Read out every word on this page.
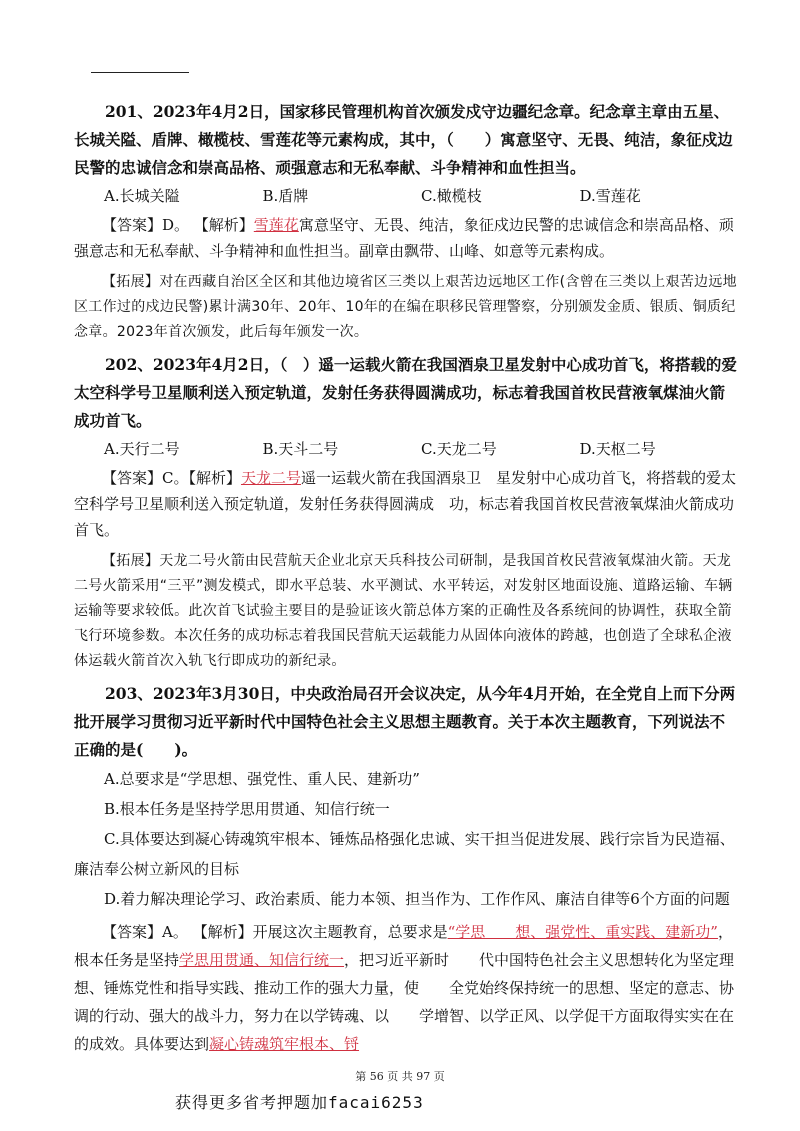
201、2023年4月2日，国家移民管理机构首次颁发戍守边疆纪念章。纪念章主章由五星、长城关隘、盾牌、橄榄枝、雪莲花等元素构成，其中，（　　）寓意坚守、无畏、纯洁，象征戍边民警的忠诚信念和崇高品格、顽强意志和无私奉献、斗争精神和血性担当。

A.长城关隘	B.盾牌	C.橄榄枝	D.雪莲花

【答案】D。 【解析】雪莲花寓意坚守、无畏、纯洁，象征戍边民警的忠诚信念和崇高品格、顽强意志和无私奉献、斗争精神和血性担当。副章由飘带、山峰、如意等元素构成。

【拓展】对在西藏自治区全区和其他边境省区三类以上艰苦边远地区工作(含曾在三类以上艰苦边远地区工作过的戍边民警)累计满30年、20年、10年的在编在职移民管理警察，分别颁发金质、银质、铜质纪念章。2023年首次颁发，此后每年颁发一次。

202、2023年4月2日，（　）遥一运载火箭在我国酒泉卫星发射中心成功首飞，将搭载的爱太空科学号卫星顺利送入预定轨道，发射任务获得圆满成功，标志着我国首枚民营液氧煤油火箭成功首飞。

A.天行二号	B.天斗二号	C.天龙二号	D.天枢二号

【答案】C。【解析】天龙二号遥一运载火箭在我国酒泉卫　星发射中心成功首飞，将搭载的爱太空科学号卫星顺利送入预定轨道，发射任务获得圆满成　功，标志着我国首枚民营液氧煤油火箭成功首飞。

【拓展】天龙二号火箭由民营航天企业北京天兵科技公司研制，是我国首枚民营液氧煤油火箭。天龙二号火箭采用“三平”测发模式，即水平总装、水平测试、水平转运，对发射区地面设施、道路运输、车辆运输等要求较低。此次首飞试验主要目的是验证该火箭总体方案的正确性及各系统间的协调性，获取全箭飞行环境参数。本次任务的成功标志着我国民营航天运载能力从固体向液体的跨越，也创造了全球私企液体运载火箭首次入轨飞行即成功的新纪录。

203、2023年3月30日，中央政治局召开会议决定，从今年4月开始，在全党自上而下分两批开展学习贯彻习近平新时代中国特色社会主义思想主题教育。关于本次主题教育，下列说法不正确的是(　　)。

A.总要求是“学思想、强党性、重人民、建新功”

B.根本任务是坚持学思用贯通、知信行统一

C.具体要达到凝心铸魂筑牢根本、锤炼品格强化忠诚、实干担当促进发展、践行宗旨为民造福、廉洁奉公树立新风的目标

D.着力解决理论学习、政治素质、能力本领、担当作为、工作作风、廉洁自律等6个方面的问题

【答案】A。 【解析】开展这次主题教育，总要求是“学思　　想、强党性、重实践、建新功”，根本任务是坚持学思用贯通、知信行统一，把习近平新时　　代中国特色社会主义思想转化为坚定理想、锤炼党性和指导实践、推动工作的强大力量，使　　全党始终保持统一的思想、坚定的意志、协调的行动、强大的战斗力，努力在以学铸魂、以　　学增智、以学正风、以学促干方面取得实实在在的成效。具体要达到凝心铸魂筑牢根本、锊

第 56 页 共 97 页
获得更多省考押题加facai6253
